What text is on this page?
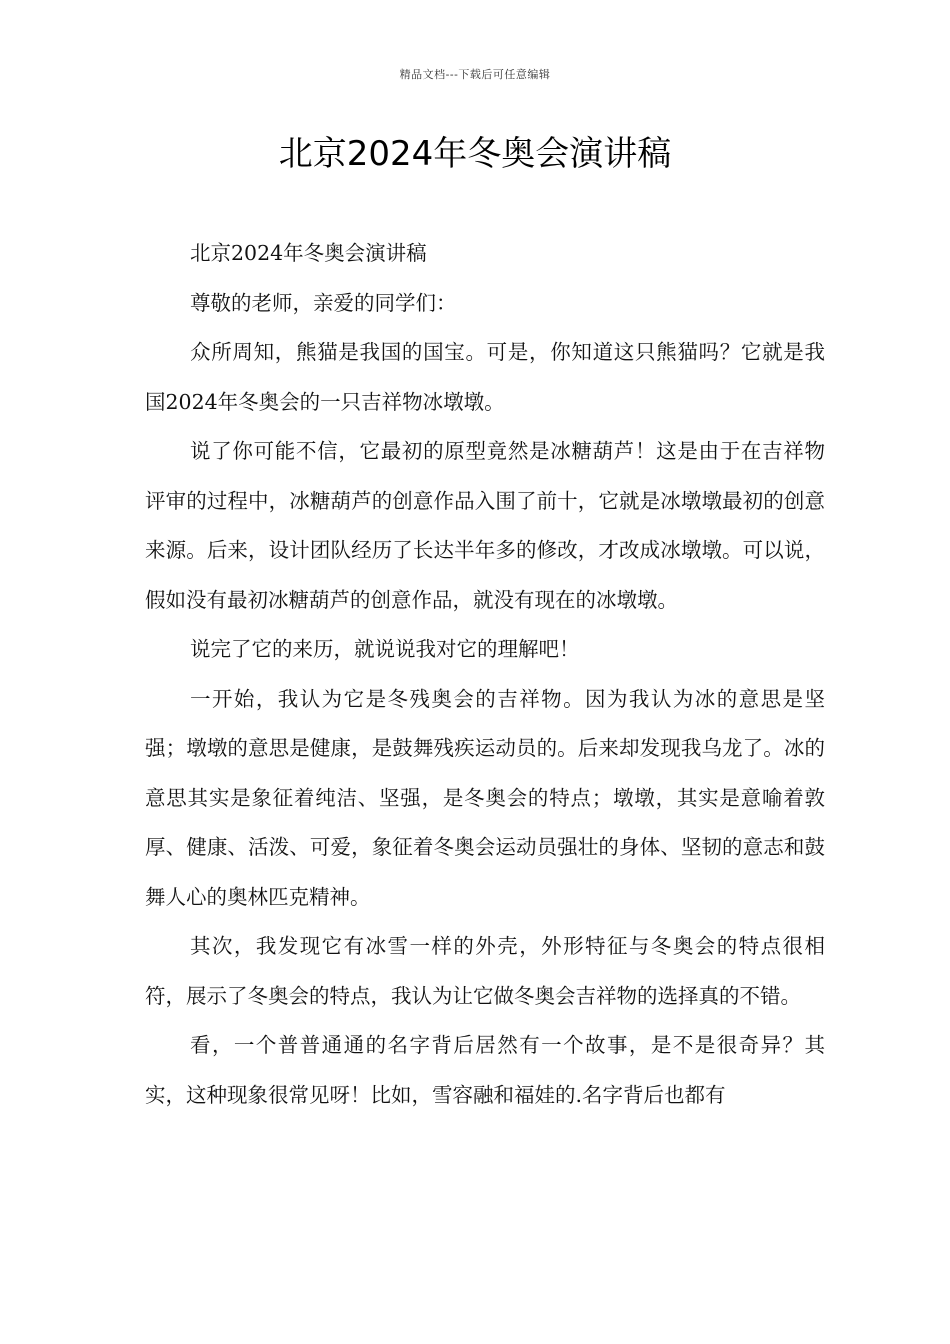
精品文档---下载后可任意编辑
北京2024年冬奥会演讲稿

北京2024年冬奥会演讲稿

尊敬的老师，亲爱的同学们：

众所周知，熊猫是我国的国宝。可是，你知道这只熊猫吗？它就是我国2024年冬奥会的一只吉祥物冰墩墩。

说了你可能不信，它最初的原型竟然是冰糖葫芦！这是由于在吉祥物评审的过程中，冰糖葫芦的创意作品入围了前十，它就是冰墩墩最初的创意来源。后来，设计团队经历了长达半年多的修改，才改成冰墩墩。可以说，假如没有最初冰糖葫芦的创意作品，就没有现在的冰墩墩。

说完了它的来历，就说说我对它的理解吧！

一开始，我认为它是冬残奥会的吉祥物。因为我认为冰的意思是坚强；墩墩的意思是健康，是鼓舞残疾运动员的。后来却发现我乌龙了。冰的意思其实是象征着纯洁、坚强，是冬奥会的特点；墩墩，其实是意喻着敦厚、健康、活泼、可爱，象征着冬奥会运动员强壮的身体、坚韧的意志和鼓舞人心的奥林匹克精神。

其次，我发现它有冰雪一样的外壳，外形特征与冬奥会的特点很相符，展示了冬奥会的特点，我认为让它做冬奥会吉祥物的选择真的不错。

看，一个普普通通的名字背后居然有一个故事，是不是很奇异？其实，这种现象很常见呀！比如，雪容融和福娃的.名字背后也都有
